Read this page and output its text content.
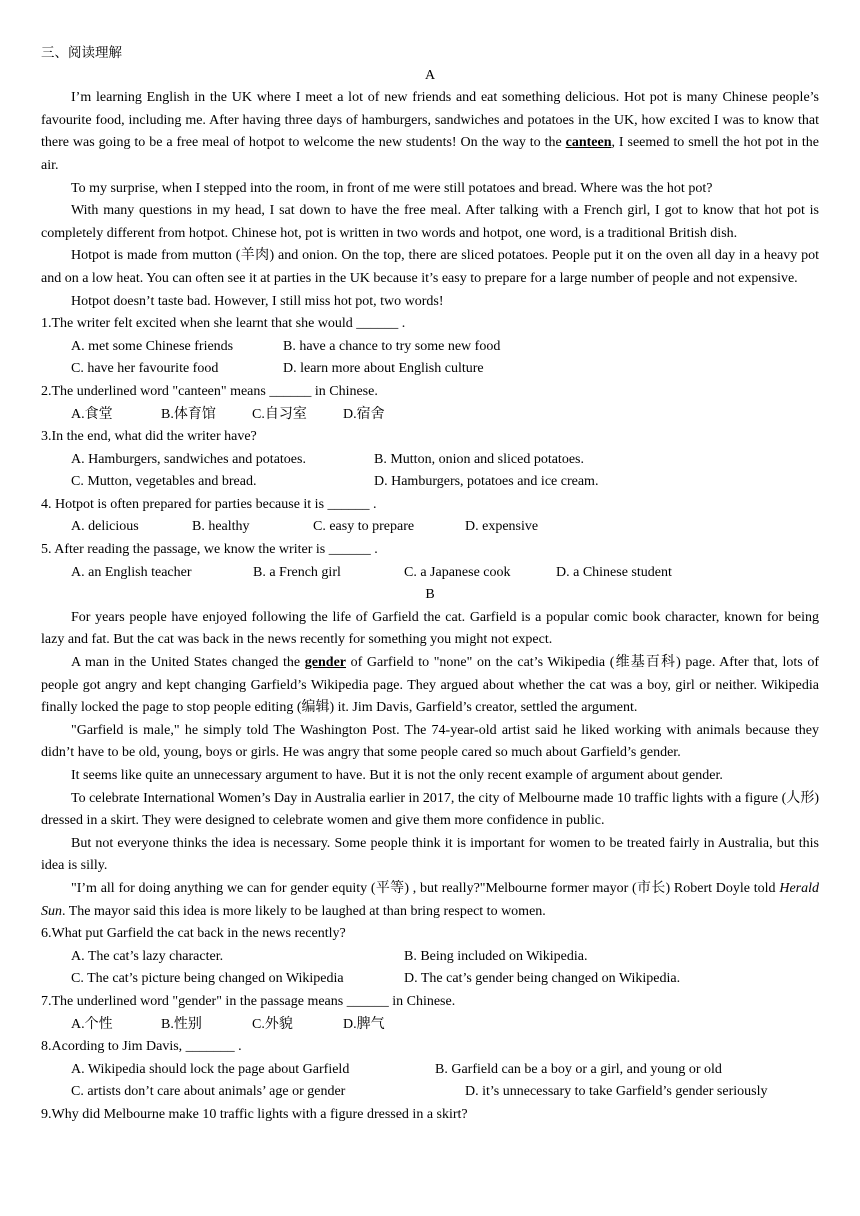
三、阅读理解
A
I’m learning English in the UK where I meet a lot of new friends and eat something delicious. Hot pot is many Chinese people’s favourite food, including me. After having three days of hamburgers, sandwiches and potatoes in the UK, how excited I was to know that there was going to be a free meal of hotpot to welcome the new students! On the way to the canteen, I seemed to smell the hot pot in the air.
To my surprise, when I stepped into the room, in front of me were still potatoes and bread. Where was the hot pot?
With many questions in my head, I sat down to have the free meal. After talking with a French girl, I got to know that hot pot is completely different from hotpot. Chinese hot, pot is written in two words and hotpot, one word, is a traditional British dish.
Hotpot is made from mutton (羊肉) and onion. On the top, there are sliced potatoes. People put it on the oven all day in a heavy pot and on a low heat. You can often see it at parties in the UK because it’s easy to prepare for a large number of people and not expensive.
Hotpot doesn’t taste bad. However, I still miss hot pot, two words!
1.The writer felt excited when she learnt that she would ______ .
A. met some Chinese friends	B. have a chance to try some new food
C. have her favourite food	D. learn more about English culture
2.The underlined word "canteen" means ______ in Chinese.
A.食堂	B.体育馆	C.自习室	D.宿舍
3.In the end, what did the writer have?
A. Hamburgers, sandwiches and potatoes.	B. Mutton, onion and sliced potatoes.
C. Mutton, vegetables and bread.	D. Hamburgers, potatoes and ice cream.
4. Hotpot is often prepared for parties because it is ______ .
A. delicious	B. healthy	C. easy to prepare	D. expensive
5. After reading the passage, we know the writer is ______ .
A. an English teacher	B. a French girl	C. a Japanese cook	D. a Chinese student
B
For years people have enjoyed following the life of Garfield the cat. Garfield is a popular comic book character, known for being lazy and fat. But the cat was back in the news recently for something you might not expect.
A man in the United States changed the gender of Garfield to "none" on the cat’s Wikipedia (维基百科) page. After that, lots of people got angry and kept changing Garfield’s Wikipedia page. They argued about whether the cat was a boy, girl or neither. Wikipedia finally locked the page to stop people editing (编辑) it. Jim Davis, Garfield’s creator, settled the argument.
"Garfield is male," he simply told The Washington Post. The 74-year-old artist said he liked working with animals because they didn’t have to be old, young, boys or girls. He was angry that some people cared so much about Garfield’s gender.
It seems like quite an unnecessary argument to have. But it is not the only recent example of argument about gender.
To celebrate International Women’s Day in Australia earlier in 2017, the city of Melbourne made 10 traffic lights with a figure (人形) dressed in a skirt. They were designed to celebrate women and give them more confidence in public.
But not everyone thinks the idea is necessary. Some people think it is important for women to be treated fairly in Australia, but this idea is silly.
"I’m all for doing anything we can for gender equity (平等) , but really?"Melbourne former mayor (市长) Robert Doyle told Herald Sun. The mayor said this idea is more likely to be laughed at than bring respect to women.
6.What put Garfield the cat back in the news recently?
A. The cat’s lazy character.	B. Being included on Wikipedia.
C. The cat’s picture being changed on Wikipedia	D. The cat’s gender being changed on Wikipedia.
7.The underlined word "gender" in the passage means ______ in Chinese.
A.个性	B.性别	C.外貌	D.脾气
8.Acording to Jim Davis, _______ .
A. Wikipedia should lock the page about Garfield	B. Garfield can be a boy or a girl, and young or old
C. artists don’t care about animals’ age or gender	D. it’s unnecessary to take Garfield’s gender seriously
9.Why did Melbourne make 10 traffic lights with a figure dressed in a skirt?
